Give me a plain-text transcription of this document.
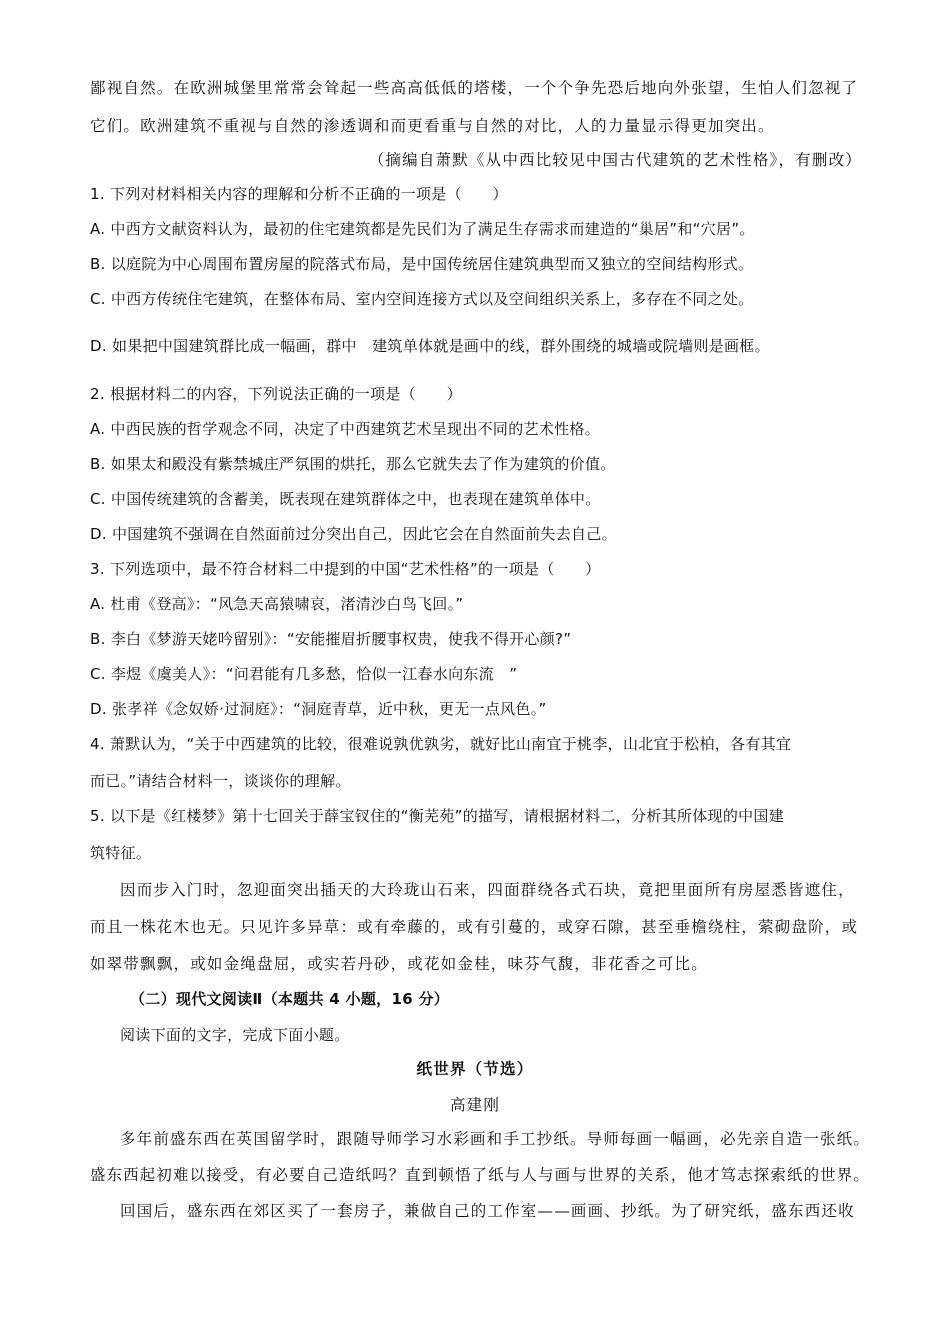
鄙视自然。在欧洲城堡里常常会耸起一些高高低低的塔楼，一个个争先恐后地向外张望，生怕人们忽视了
它们。欧洲建筑不重视与自然的渗透调和而更看重与自然的对比，人的力量显示得更加突出。
（摘编自萧默《从中西比较见中国古代建筑的艺术性格》，有删改）
1. 下列对材料相关内容的理解和分析不正确的一项是（　　）
A. 中西方文献资料认为，最初的住宅建筑都是先民们为了满足生存需求而建造的“巢居”和“穴居”。
B. 以庭院为中心周围布置房屋的院落式布局，是中国传统居住建筑典型而又独立的空间结构形式。
C. 中西方传统住宅建筑，在整体布局、室内空间连接方式以及空间组织关系上，多存在不同之处。
D. 如果把中国建筑群比成一幅画，群中　建筑单体就是画中的线，群外围绕的城墙或院墙则是画框。
2. 根据材料二的内容，下列说法正确的一项是（　　）
A. 中西民族的哲学观念不同，决定了中西建筑艺术呈现出不同的艺术性格。
B. 如果太和殿没有紫禁城庄严氛围的烘托，那么它就失去了作为建筑的价值。
C. 中国传统建筑的含蓄美，既表现在建筑群体之中，也表现在建筑单体中。
D. 中国建筑不强调在自然面前过分突出自己，因此它会在自然面前失去自己。
3. 下列选项中，最不符合材料二中提到的中国“艺术性格”的一项是（　　）
A. 杜甫《登高》：“风急天高猿啸哀，渚清沙白鸟飞回。”
B. 李白《梦游天姥吟留别》：“安能摧眉折腰事权贵，使我不得开心颜?”
C. 李煜《虞美人》：“问君能有几多愁，恰似一江春水向东流　”
D. 张孝祥《念奴娇·过洞庭》：“洞庭青草，近中秋，更无一点风色。”
4. 萧默认为，“关于中西建筑的比较，很难说孰优孰劣，就好比山南宜于桃李，山北宜于松柏，各有其宜
而已。”请结合材料一，谈谈你的理解。
5. 以下是《红楼梦》第十七回关于薛宝钗住的“衡芜苑”的描写，请根据材料二，分析其所体现的中国建
筑特征。
因而步入门时，忽迎面突出插天的大玲珑山石来，四面群绕各式石块，竟把里面所有房屋悉皆遮住，
而且一株花木也无。只见许多异草：或有牵藤的，或有引蔓的，或穿石隙，甚至垂檐绕柱，萦砌盘阶，或
如翠带飘飘，或如金绳盘屈，或实若丹砂，或花如金桂，味芬气馥，非花香之可比。
（二）现代文阅读Ⅱ（本题共 4 小题，16 分）
阅读下面的文字，完成下面小题。
纸世界（节选）
高建刚
多年前盛东西在英国留学时，跟随导师学习水彩画和手工抄纸。导师每画一幅画，必先亲自造一张纸。
盛东西起初难以接受，有必要自己造纸吗？直到顿悟了纸与人与画与世界的关系，他才笃志探索纸的世界。
回国后，盛东西在郊区买了一套房子，兼做自己的工作室——画画、抄纸。为了研究纸，盛东西还收
